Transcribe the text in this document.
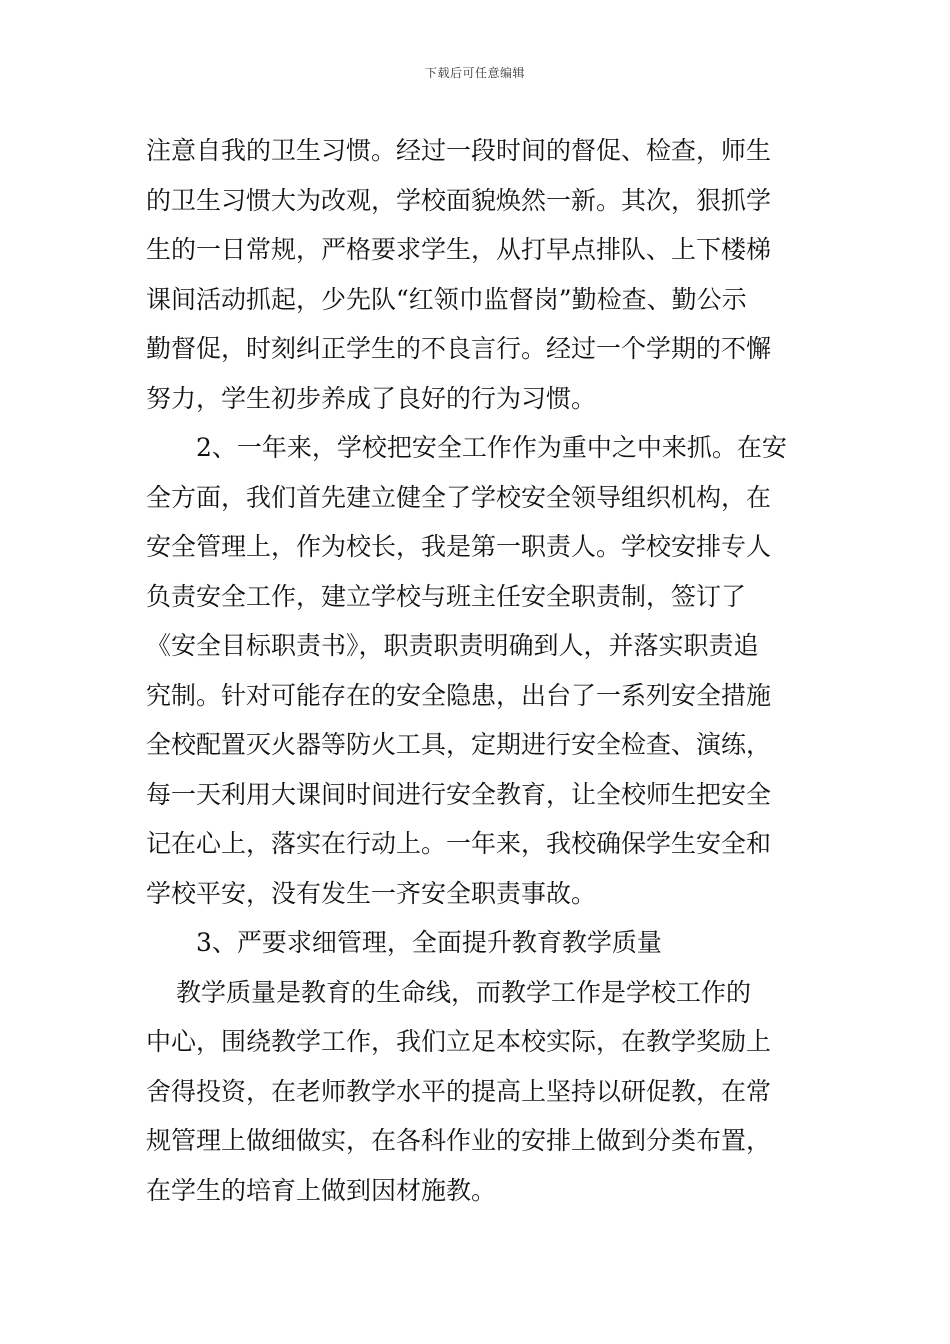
下载后可任意编辑
注意自我的卫生习惯。经过一段时间的督促、检查，师生
的卫生习惯大为改观，学校面貌焕然一新。其次，狠抓学
生的一日常规，严格要求学生，从打早点排队、上下楼梯
课间活动抓起，少先队“红领巾监督岗”勤检查、勤公示
勤督促，时刻纠正学生的不良言行。经过一个学期的不懈
努力，学生初步养成了良好的行为习惯。
2、一年来，学校把安全工作作为重中之中来抓。在安
全方面，我们首先建立健全了学校安全领导组织机构，在
安全管理上，作为校长，我是第一职责人。学校安排专人
负责安全工作，建立学校与班主任安全职责制，签订了
《安全目标职责书》，职责职责明确到人，并落实职责追
究制。针对可能存在的安全隐患，出台了一系列安全措施
全校配置灭火器等防火工具，定期进行安全检查、演练，
每一天利用大课间时间进行安全教育，让全校师生把安全
记在心上，落实在行动上。一年来，我校确保学生安全和
学校平安，没有发生一齐安全职责事故。
3、严要求细管理，全面提升教育教学质量
教学质量是教育的生命线，而教学工作是学校工作的
中心，围绕教学工作，我们立足本校实际，在教学奖励上
舍得投资，在老师教学水平的提高上坚持以研促教，在常
规管理上做细做实，在各科作业的安排上做到分类布置，
在学生的培育上做到因材施教。
